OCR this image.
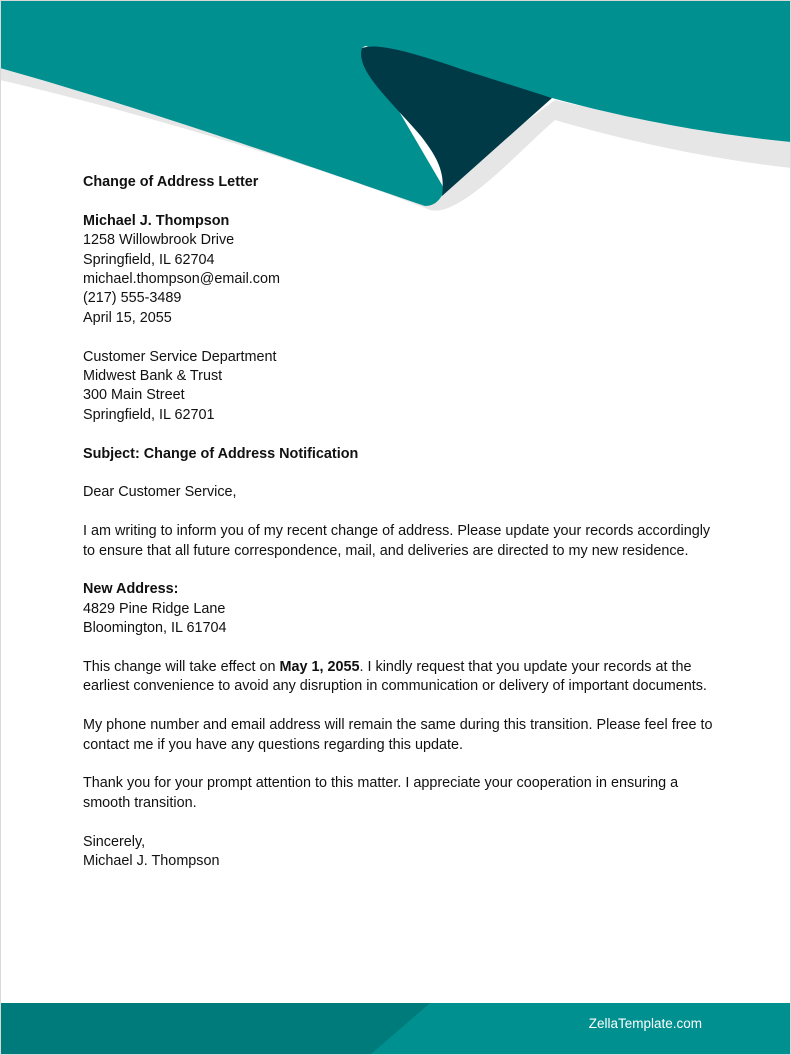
Change of Address Letter

Michael J. Thompson
1258 Willowbrook Drive
Springfield, IL 62704
michael.thompson@email.com
(217) 555-3489
April 15, 2055

Customer Service Department
Midwest Bank & Trust
300 Main Street
Springfield, IL 62701

Subject: Change of Address Notification

Dear Customer Service,

I am writing to inform you of my recent change of address. Please update your records accordingly to ensure that all future correspondence, mail, and deliveries are directed to my new residence.

New Address:
4829 Pine Ridge Lane
Bloomington, IL 61704

This change will take effect on May 1, 2055. I kindly request that you update your records at the earliest convenience to avoid any disruption in communication or delivery of important documents.

My phone number and email address will remain the same during this transition. Please feel free to contact me if you have any questions regarding this update.

Thank you for your prompt attention to this matter. I appreciate your cooperation in ensuring a smooth transition.

Sincerely,
Michael J. Thompson

ZellaTemplate.com
